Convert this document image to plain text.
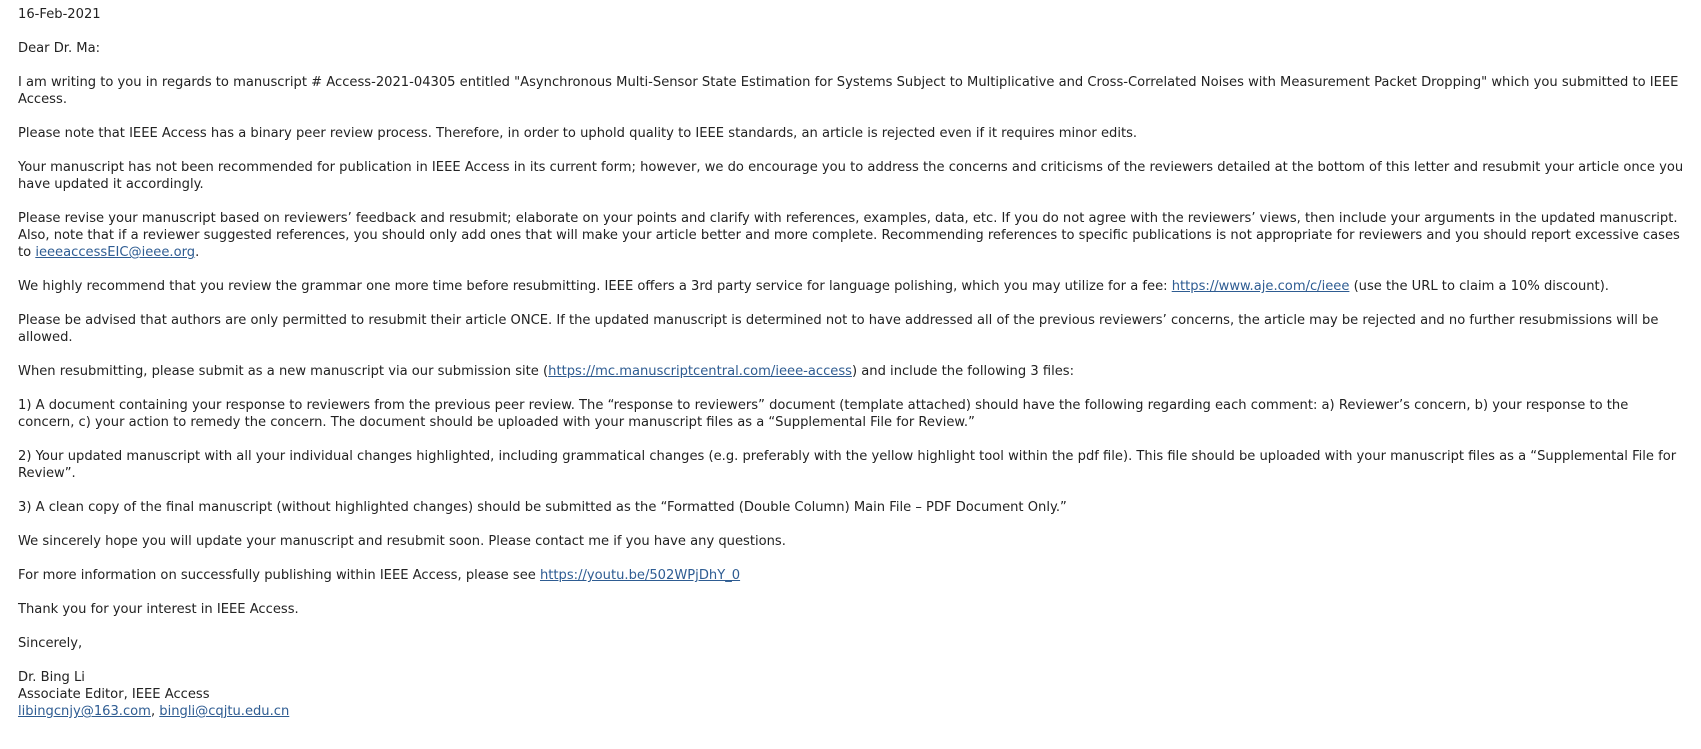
16-Feb-2021

Dear Dr. Ma:

I am writing to you in regards to manuscript # Access-2021-04305 entitled "Asynchronous Multi-Sensor State Estimation for Systems Subject to Multiplicative and Cross-Correlated Noises with Measurement Packet Dropping" which you submitted to IEEE Access.

Please note that IEEE Access has a binary peer review process. Therefore, in order to uphold quality to IEEE standards, an article is rejected even if it requires minor edits.

Your manuscript has not been recommended for publication in IEEE Access in its current form; however, we do encourage you to address the concerns and criticisms of the reviewers detailed at the bottom of this letter and resubmit your article once you have updated it accordingly.

Please revise your manuscript based on reviewers’ feedback and resubmit; elaborate on your points and clarify with references, examples, data, etc. If you do not agree with the reviewers’ views, then include your arguments in the updated manuscript. Also, note that if a reviewer suggested references, you should only add ones that will make your article better and more complete. Recommending references to specific publications is not appropriate for reviewers and you should report excessive cases to ieeeaccessEIC@ieee.org.

We highly recommend that you review the grammar one more time before resubmitting. IEEE offers a 3rd party service for language polishing, which you may utilize for a fee: https://www.aje.com/c/ieee (use the URL to claim a 10% discount).

Please be advised that authors are only permitted to resubmit their article ONCE. If the updated manuscript is determined not to have addressed all of the previous reviewers’ concerns, the article may be rejected and no further resubmissions will be allowed.

When resubmitting, please submit as a new manuscript via our submission site (https://mc.manuscriptcentral.com/ieee-access) and include the following 3 files:

1) A document containing your response to reviewers from the previous peer review. The “response to reviewers” document (template attached) should have the following regarding each comment: a) Reviewer’s concern, b) your response to the concern, c) your action to remedy the concern. The document should be uploaded with your manuscript files as a “Supplemental File for Review.”

2) Your updated manuscript with all your individual changes highlighted, including grammatical changes (e.g. preferably with the yellow highlight tool within the pdf file). This file should be uploaded with your manuscript files as a “Supplemental File for Review”.

3) A clean copy of the final manuscript (without highlighted changes) should be submitted as the “Formatted (Double Column) Main File – PDF Document Only.”

We sincerely hope you will update your manuscript and resubmit soon. Please contact me if you have any questions.

For more information on successfully publishing within IEEE Access, please see https://youtu.be/502WPjDhY_0

Thank you for your interest in IEEE Access.

Sincerely,

Dr. Bing Li

Associate Editor, IEEE Access

libingcnjy@163.com, bingli@cqjtu.edu.cn
